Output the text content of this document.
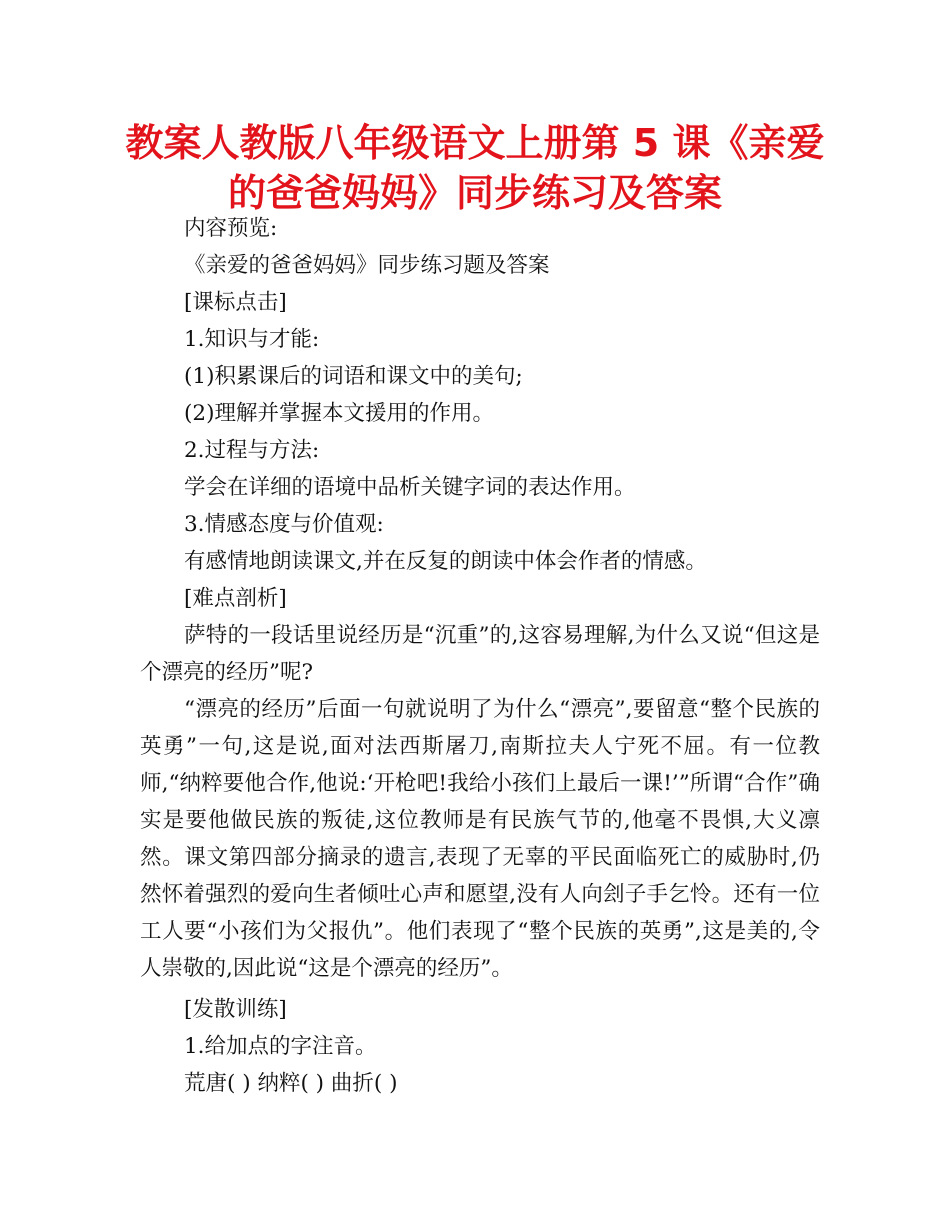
教案人教版八年级语文上册第 5 课《亲爱
的爸爸妈妈》同步练习及答案

内容预览:

《亲爱的爸爸妈妈》同步练习题及答案

[课标点击]

1.知识与才能:

(1)积累课后的词语和课文中的美句;

(2)理解并掌握本文援用的作用。

2.过程与方法:

学会在详细的语境中品析关键字词的表达作用。

3.情感态度与价值观:

有感情地朗读课文,并在反复的朗读中体会作者的情感。

[难点剖析]

萨特的一段话里说经历是“沉重”的,这容易理解,为什么又说“但这是个漂亮的经历”呢?

“漂亮的经历”后面一句就说明了为什么“漂亮”,要留意“整个民族的英勇”一句,这是说,面对法西斯屠刀,南斯拉夫人宁死不屈。有一位教师,“纳粹要他合作,他说:‘开枪吧!我给小孩们上最后一课!’”所谓“合作”确实是要他做民族的叛徒,这位教师是有民族气节的,他毫不畏惧,大义凛然。课文第四部分摘录的遗言,表现了无辜的平民面临死亡的威胁时,仍然怀着强烈的爱向生者倾吐心声和愿望,没有人向刽子手乞怜。还有一位工人要“小孩们为父报仇”。他们表现了“整个民族的英勇”,这是美的,令人崇敬的,因此说“这是个漂亮的经历”。

[发散训练]

1.给加点的字注音。

荒唐( ) 纳粹( ) 曲折( )
